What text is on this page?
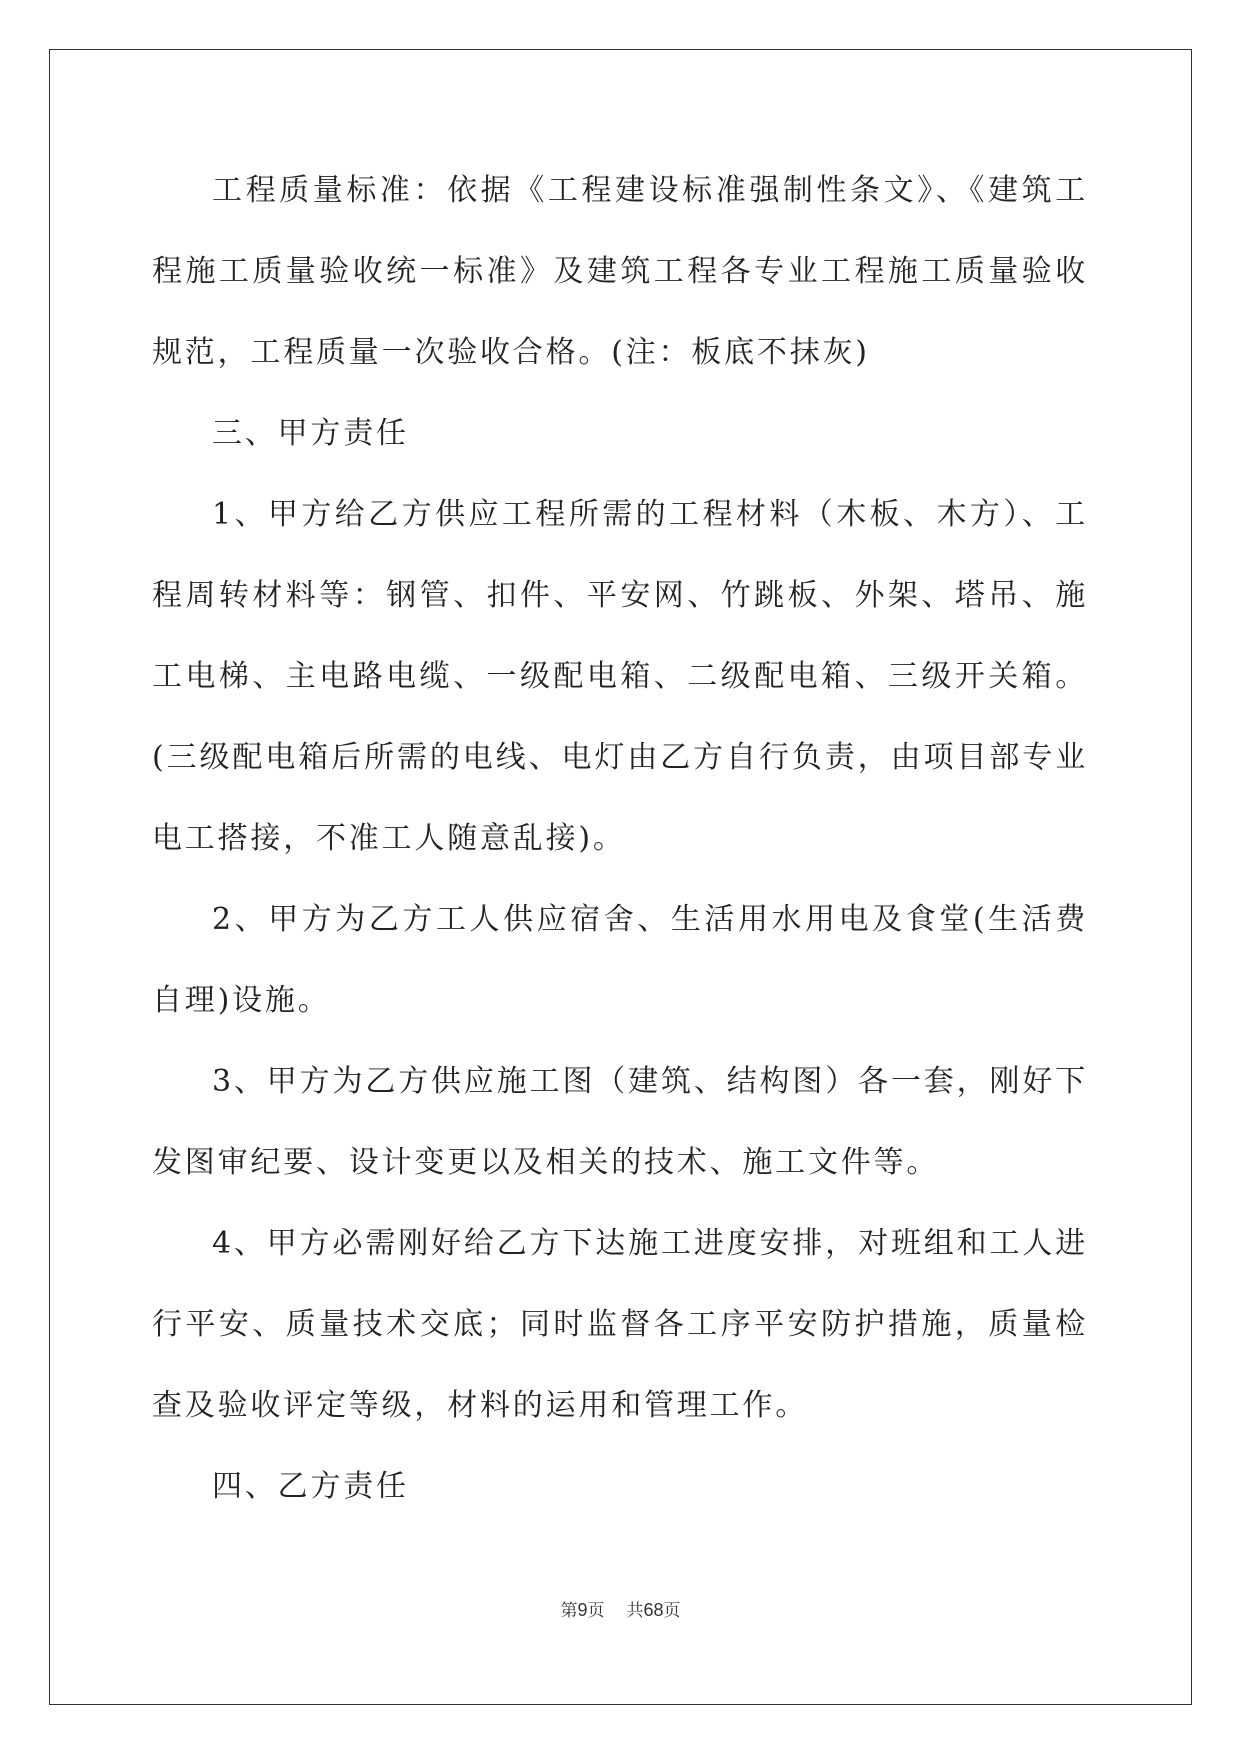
工程质量标准：依据《工程建设标准强制性条文》、《建筑工程施工质量验收统一标准》及建筑工程各专业工程施工质量验收规范，工程质量一次验收合格。(注：板底不抹灰)

三、甲方责任

1、甲方给乙方供应工程所需的工程材料（木板、木方）、工程周转材料等：钢管、扣件、平安网、竹跳板、外架、塔吊、施工电梯、主电路电缆、一级配电箱、二级配电箱、三级开关箱。(三级配电箱后所需的电线、电灯由乙方自行负责，由项目部专业电工搭接，不准工人随意乱接)。

2、甲方为乙方工人供应宿舍、生活用水用电及食堂(生活费自理)设施。

3、甲方为乙方供应施工图（建筑、结构图）各一套，刚好下发图审纪要、设计变更以及相关的技术、施工文件等。

4、甲方必需刚好给乙方下达施工进度安排，对班组和工人进行平安、质量技术交底；同时监督各工序平安防护措施，质量检查及验收评定等级，材料的运用和管理工作。

四、乙方责任

第9页 共68页
